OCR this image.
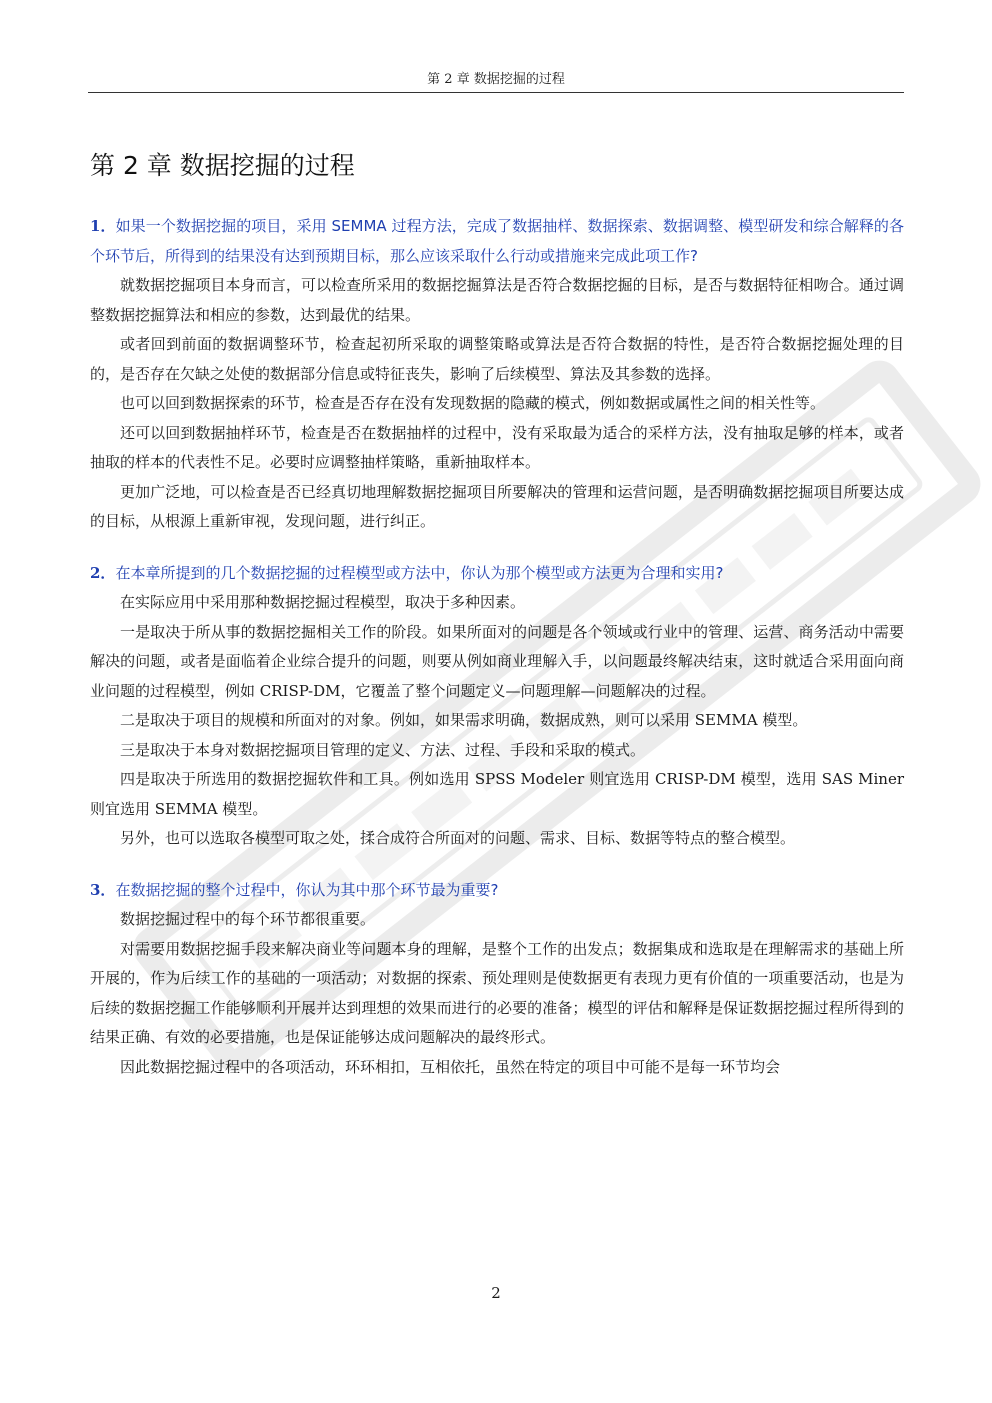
第 2 章 数据挖掘的过程
第 2 章 数据挖掘的过程

1．如果一个数据挖掘的项目，采用 SEMMA 过程方法，完成了数据抽样、数据探索、数据调整、模型研发和综合解释的各个环节后，所得到的结果没有达到预期目标，那么应该采取什么行动或措施来完成此项工作?

就数据挖掘项目本身而言，可以检查所采用的数据挖掘算法是否符合数据挖掘的目标，是否与数据特征相吻合。通过调整数据挖掘算法和相应的参数，达到最优的结果。

或者回到前面的数据调整环节，检查起初所采取的调整策略或算法是否符合数据的特性，是否符合数据挖掘处理的目的，是否存在欠缺之处使的数据部分信息或特征丧失，影响了后续模型、算法及其参数的选择。

也可以回到数据探索的环节，检查是否存在没有发现数据的隐藏的模式，例如数据或属性之间的相关性等。

还可以回到数据抽样环节，检查是否在数据抽样的过程中，没有采取最为适合的采样方法，没有抽取足够的样本，或者抽取的样本的代表性不足。必要时应调整抽样策略，重新抽取样本。

更加广泛地，可以检查是否已经真切地理解数据挖掘项目所要解决的管理和运营问题，是否明确数据挖掘项目所要达成的目标，从根源上重新审视，发现问题，进行纠正。

2．在本章所提到的几个数据挖掘的过程模型或方法中，你认为那个模型或方法更为合理和实用?

在实际应用中采用那种数据挖掘过程模型，取决于多种因素。

一是取决于所从事的数据挖掘相关工作的阶段。如果所面对的问题是各个领域或行业中的管理、运营、商务活动中需要解决的问题，或者是面临着企业综合提升的问题，则要从例如商业理解入手，以问题最终解决结束，这时就适合采用面向商业问题的过程模型，例如 CRISP-DM，它覆盖了整个问题定义—问题理解—问题解决的过程。

二是取决于项目的规模和所面对的对象。例如，如果需求明确，数据成熟，则可以采用 SEMMA 模型。

三是取决于本身对数据挖掘项目管理的定义、方法、过程、手段和采取的模式。

四是取决于所选用的数据挖掘软件和工具。例如选用 SPSS Modeler 则宜选用 CRISP-DM 模型，选用 SAS Miner 则宜选用 SEMMA 模型。

另外，也可以选取各模型可取之处，揉合成符合所面对的问题、需求、目标、数据等特点的整合模型。

3．在数据挖掘的整个过程中，你认为其中那个环节最为重要?

数据挖掘过程中的每个环节都很重要。

对需要用数据挖掘手段来解决商业等问题本身的理解，是整个工作的出发点；数据集成和选取是在理解需求的基础上所开展的，作为后续工作的基础的一项活动；对数据的探索、预处理则是使数据更有表现力更有价值的一项重要活动，也是为后续的数据挖掘工作能够顺利开展并达到理想的效果而进行的必要的准备；模型的评估和解释是保证数据挖掘过程所得到的结果正确、有效的必要措施，也是保证能够达成问题解决的最终形式。

因此数据挖掘过程中的各项活动，环环相扣，互相依托，虽然在特定的项目中可能不是每一环节均会

2
